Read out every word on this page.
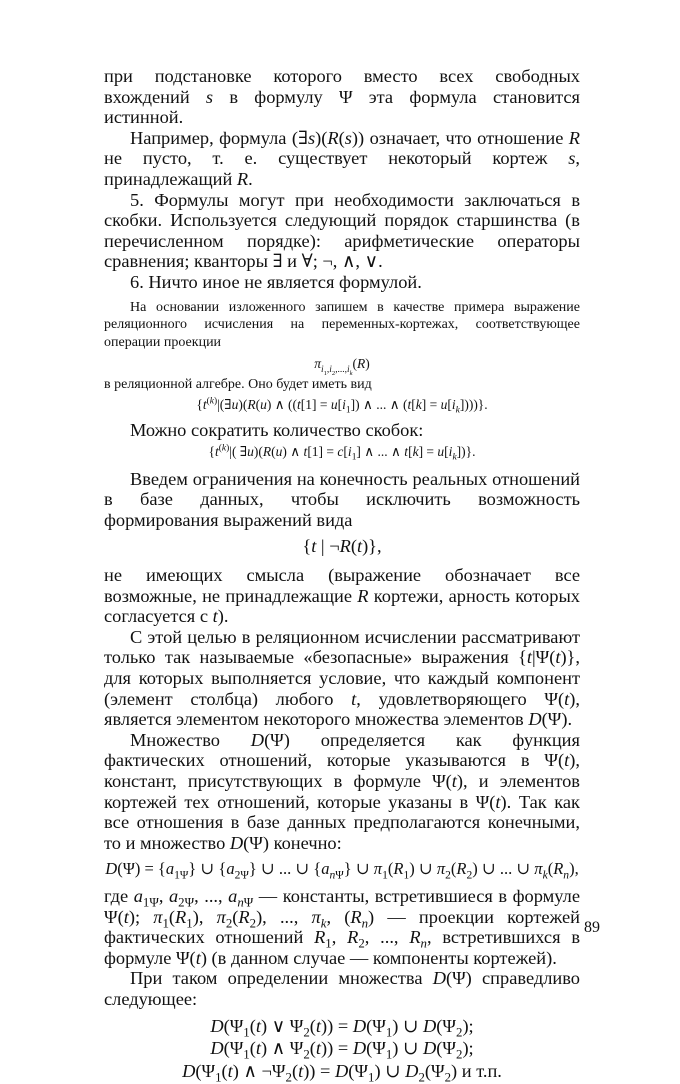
при подстановке которого вместо всех свободных вхождений s в формулу Ψ эта формула становится истинной.

Например, формула (∃s)(R(s)) означает, что отношение R не пусто, т. е. существует некоторый кортеж s, принадлежащий R.

5. Формулы могут при необходимости заключаться в скобки. Используется следующий порядок старшинства (в перечисленном порядке): арифметические операторы сравнения; кванторы ∃ и ∀; ¬, ∧, ∨.

6. Ничто иное не является формулой.

На основании изложенного запишем в качестве примера выражение реляционного исчисления на переменных-кортежах, соответствующее операции проекции

$\pi_{i_1,i_2,...,i_k}(R)$

в реляционной алгебре. Оно будет иметь вид

{$t^{(k)}|(\exists u)(R(u)$ ∧ ($(t[1] = u[i_1])$ ∧ ... ∧ $(t[k] = u[i_k])$))}.

Можно сократить количество скобок:

{$t^{(k)}|$( ∃u)(R(u) ∧ $t[1] = c[i_1]$ ∧ ... ∧ $t[k] = u[i_k]$)}.

Введем ограничения на конечность реальных отношений в базе данных, чтобы исключить возможность формирования выражений вида

{t | ¬R(t)},

не имеющих смысла (выражение обозначает все возможные, не принадлежащие R кортежи, арность которых согласуется с t).

С этой целью в реляционном исчислении рассматривают только так называемые «безопасные» выражения {t|Ψ(t)}, для которых выполняется условие, что каждый компонент (элемент столбца) любого t, удовлетворяющего Ψ(t), является элементом некоторого множества элементов D(Ψ).

Множество D(Ψ) определяется как функция фактических отношений, которые указываются в Ψ(t), констант, присутствующих в формуле Ψ(t), и элементов кортежей тех отношений, которые указаны в Ψ(t). Так как все отношения в базе данных предполагаются конечными, то и множество D(Ψ) конечно:

$D(\Psi) = \{a_{1\Psi}\}$ ∪ $\{a_{2\Psi}\}$ ∪ ... ∪ $\{a_{n\Psi}\}$ ∪ $\pi_1(R_1)$ ∪ $\pi_2(R_2)$ ∪ ... ∪ $\pi_k(R_n)$,

где $a_{1\Psi}$, $a_{2\Psi}$, ..., $a_{n\Psi}$ — константы, встретившиеся в формуле Ψ(t); $\pi_1(R_1)$, $\pi_2(R_2)$, ..., $\pi_k$, $(R_n)$ — проекции кортежей фактических отношений $R_1$, $R_2$, ..., $R_n$, встретившихся в формуле Ψ(t) (в данном случае — компоненты кортежей).

При таком определении множества D(Ψ) справедливо следующее:

$D(\Psi_1(t)$ ∨ $\Psi_2(t)) = D(\Psi_1)$ ∪ $D(\Psi_2)$;
$D(\Psi_1(t)$ ∧ $\Psi_2(t)) = D(\Psi_1)$ ∪ $D(\Psi_2)$;
$D(\Psi_1(t)$ ∧ $\neg\Psi_2(t)) = D(\Psi_1)$ ∪ $D_2(\Psi_2)$ и т.п.
89
